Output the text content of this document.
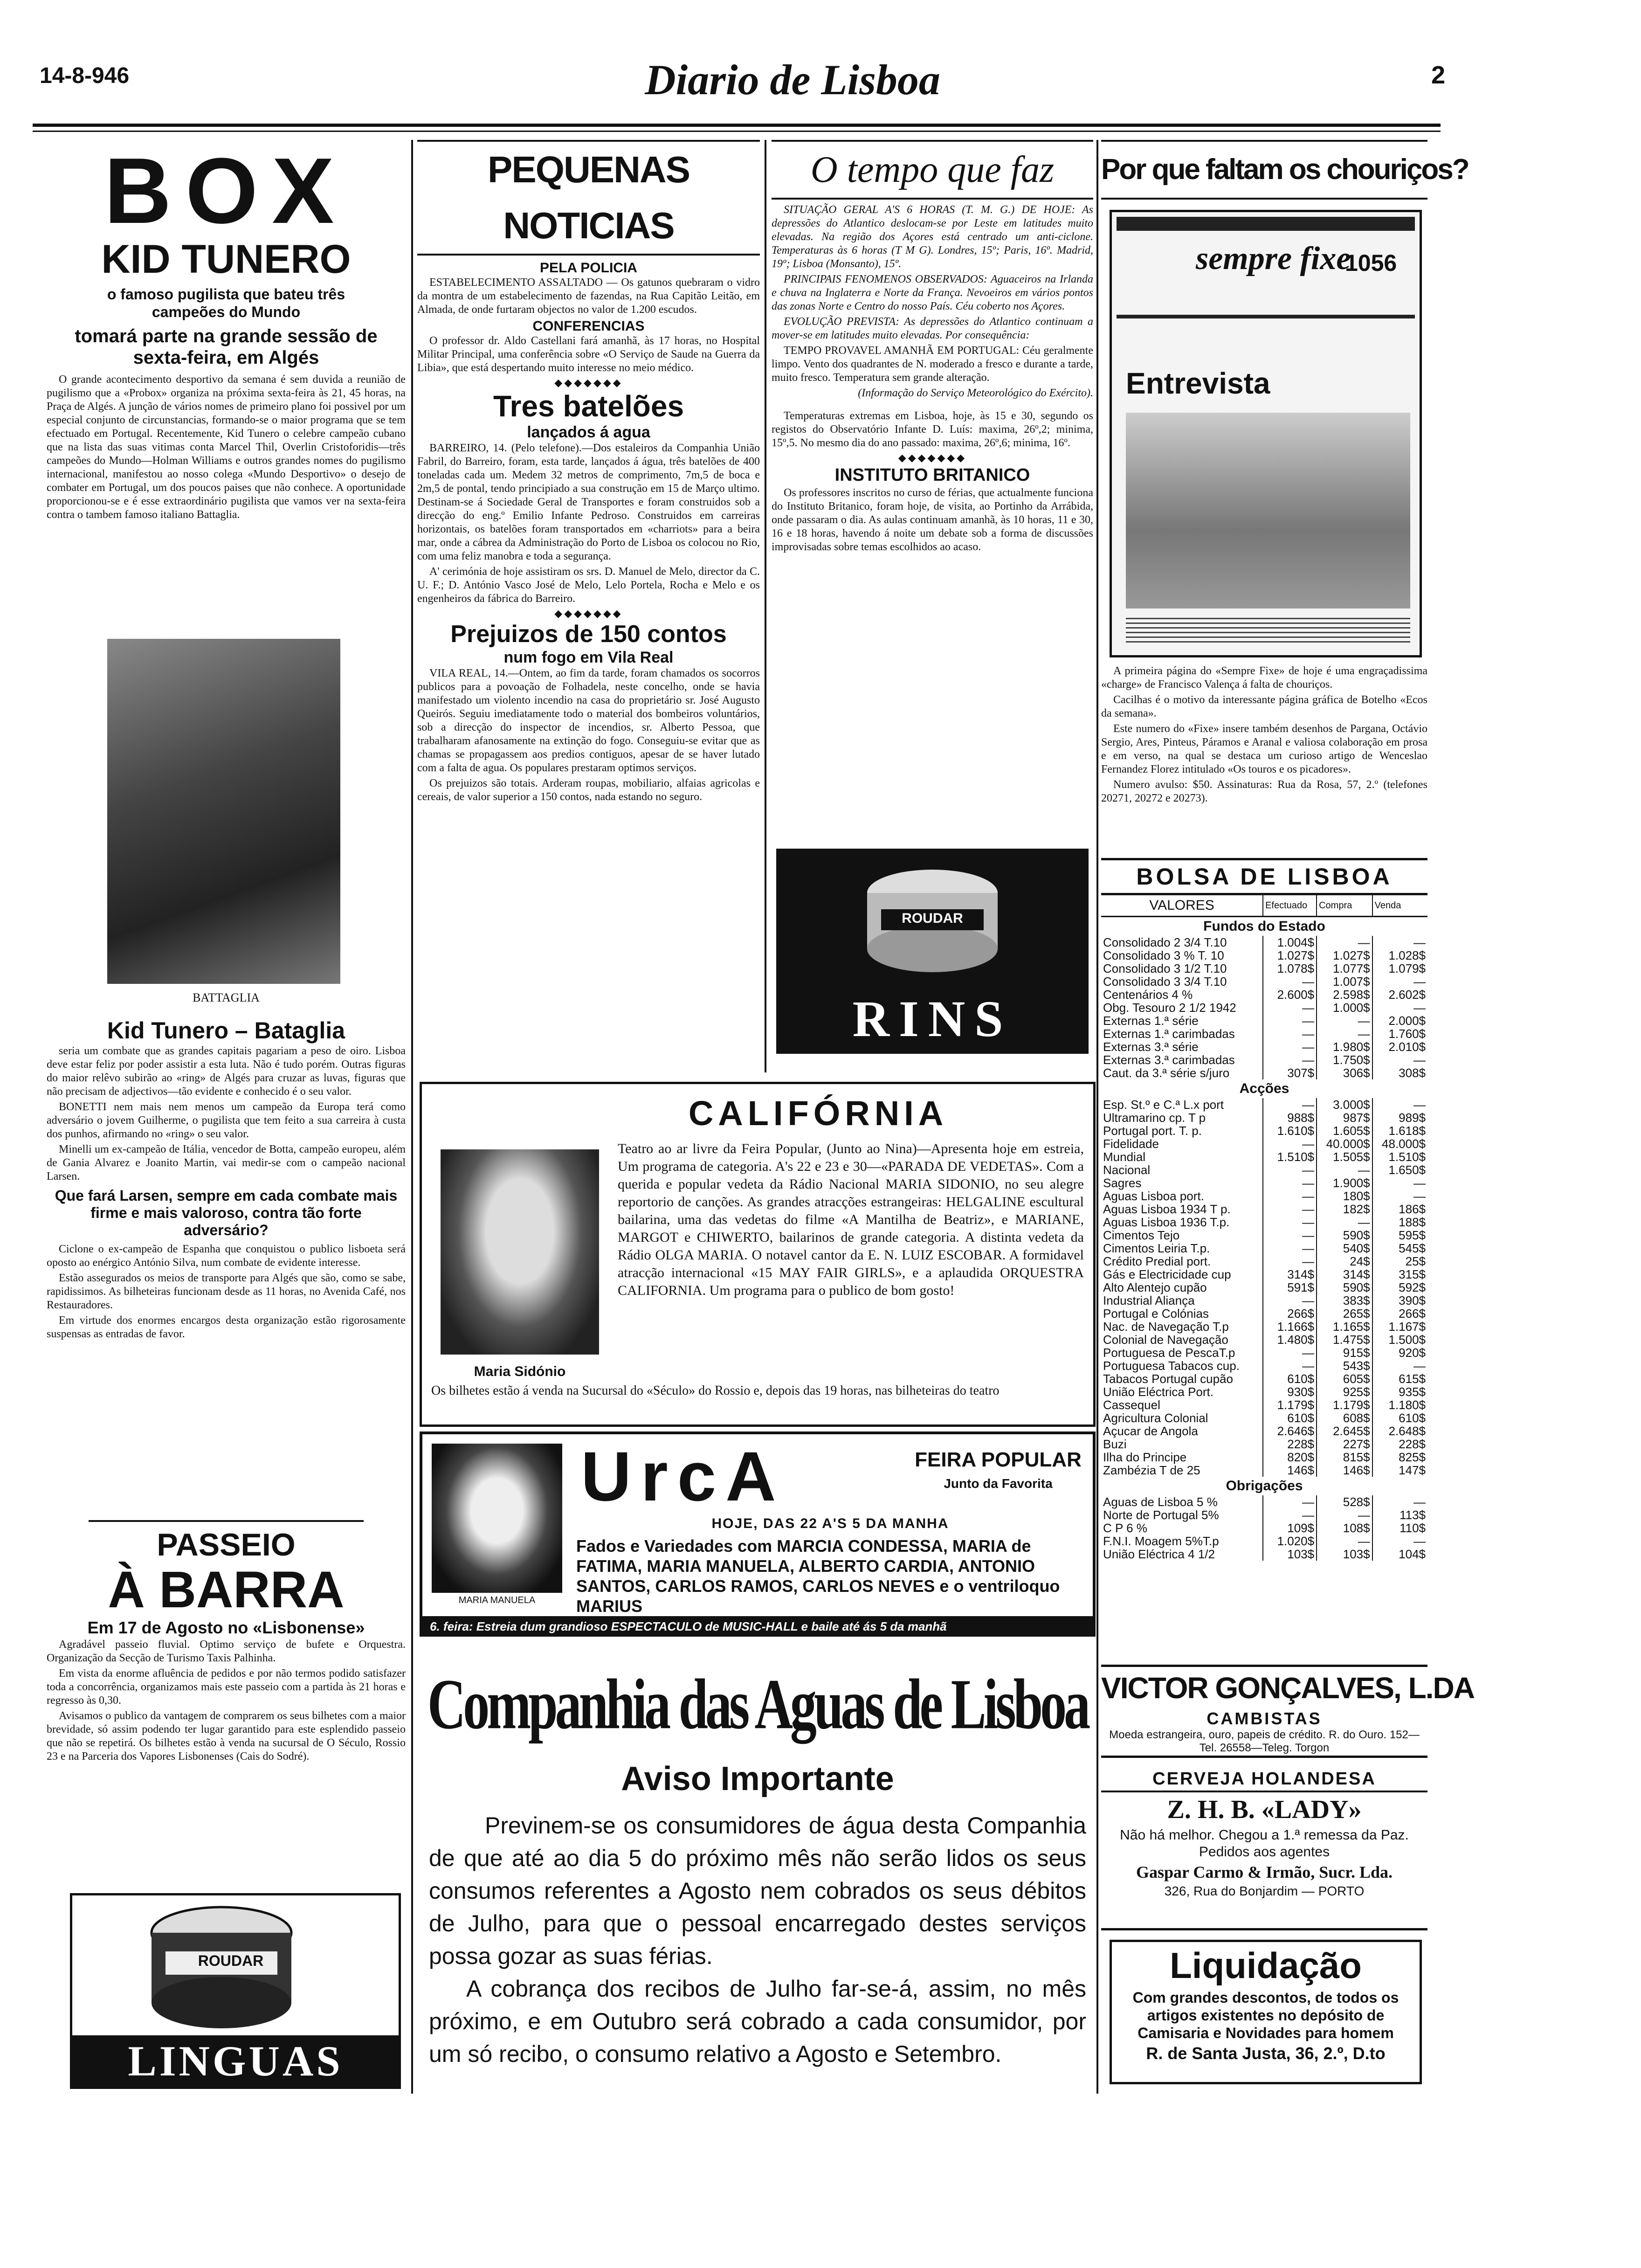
14-8-946	Diario de Lisboa	2
BOX
KID TUNERO
o famoso pugilista que bateu três campeões do Mundo
tomará parte na grande sessão de sexta-feira, em Algés

O grande acontecimento desportivo da semana é sem duvida a reunião de pugilismo que a «Probox» organiza na próxima sexta-feira às 21, 45 horas, na Praça de Algés. A junção de vários nomes de primeiro plano foi possivel por um especial conjunto de circunstancias, formando-se o maior programa que se tem efectuado em Portugal. Recentemente, Kid Tunero o celebre campeão cubano que na lista das suas vitimas conta Marcel Thil, Overlin Cristoforidis—três campeões do Mundo—Holman Williams e outros grandes nomes do pugilismo internacional, manifestou ao nosso colega «Mundo Desportivo» o desejo de combater em Portugal, um dos poucos paises que não conhece. A oportunidade proporcionou-se e é esse extraordinário pugilista que vamos ver na sexta-feira contra o tambem famoso italiano Battaglia.

BATTAGLIA
Kid Tunero – Bataglia

seria um combate que as grandes capitais pagariam a peso de oiro. Lisboa deve estar feliz por poder assistir a esta luta. Não é tudo porém. Outras figuras do maior relêvo subirão ao «ring» de Algés para cruzar as luvas, figuras que não precisam de adjectivos—tão evidente e conhecido é o seu valor.

BONETTI nem mais nem menos um campeão da Europa terá como adversário o jovem Guilherme, o pugilista que tem feito a sua carreira à custa dos punhos, afirmando no «ring» o seu valor.

Minelli um ex-campeão de Itália, vencedor de Botta, campeão europeu, além de Gania Alvarez e Joanito Martin, vai medir-se com o campeão nacional Larsen.

Que fará Larsen, sempre em cada combate mais firme e mais valoroso, contra tão forte adversário?

Ciclone o ex-campeão de Espanha que conquistou o publico lisboeta será oposto ao enérgico António Silva, num combate de evidente interesse.

Estão assegurados os meios de transporte para Algés que são, como se sabe, rapidissimos. As bilheteiras funcionam desde as 11 horas, no Avenida Café, nos Restauradores.

Em virtude dos enormes encargos desta organização estão rigorosamente suspensas as entradas de favor.

PASSEIO
À BARRA
Em 17 de Agosto no «Lisbonense»

Agradável passeio fluvial. Optimo serviço de bufete e Orquestra. Organização da Secção de Turismo Taxis Palhinha.

Em vista da enorme afluência de pedidos e por não termos podido satisfazer toda a concorrência, organizamos mais este passeio com a partida às 21 horas e regresso às 0,30.

Avisamos o publico da vantagem de comprarem os seus bilhetes com a maior brevidade, só assim podendo ter lugar garantido para este esplendido passeio que não se repetirá. Os bilhetes estão à venda na sucursal de O Século, Rossio 23 e na Parceria dos Vapores Lisbonenses (Cais do Sodré).

ROUDAR
LINGUAS
PEQUENAS NOTICIAS
PELA POLICIA

ESTABELECIMENTO ASSALTADO — Os gatunos quebraram o vidro da montra de um estabelecimento de fazendas, na Rua Capitão Leitão, em Almada, de onde furtaram objectos no valor de 1.200 escudos.

CONFERENCIAS

O professor dr. Aldo Castellani fará amanhã, às 17 horas, no Hospital Militar Principal, uma conferência sobre «O Serviço de Saude na Guerra da Libia», que está despertando muito interesse no meio médico.

◆◆◆◆◆◆◆
Tres batelões
lançados á agua

BARREIRO, 14. (Pelo telefone).—Dos estaleiros da Companhia União Fabril, do Barreiro, foram, esta tarde, lançados á água, três batelões de 400 toneladas cada um. Medem 32 metros de comprimento, 7m,5 de boca e 2m,5 de pontal, tendo principiado a sua construção em 15 de Março ultimo. Destinam-se á Sociedade Geral de Transportes e foram construidos sob a direcção do eng.º Emilio Infante Pedroso. Construidos em carreiras horizontais, os batelões foram transportados em «charriots» para a beira mar, onde a cábrea da Administração do Porto de Lisboa os colocou no Rio, com uma feliz manobra e toda a segurança.

A' cerimónia de hoje assistiram os srs. D. Manuel de Melo, director da C. U. F.; D. António Vasco José de Melo, Lelo Portela, Rocha e Melo e os engenheiros da fábrica do Barreiro.

◆◆◆◆◆◆◆
Prejuizos de 150 contos
num fogo em Vila Real

VILA REAL, 14.—Ontem, ao fim da tarde, foram chamados os socorros publicos para a povoação de Folhadela, neste concelho, onde se havia manifestado um violento incendio na casa do proprietário sr. José Augusto Queirós. Seguiu imediatamente todo o material dos bombeiros voluntários, sob a direcção do inspector de incendios, sr. Alberto Pessoa, que trabalharam afanosamente na extinção do fogo. Conseguiu-se evitar que as chamas se propagassem aos predios contiguos, apesar de se haver lutado com a falta de agua. Os populares prestaram optimos serviços.

Os prejuizos são totais. Arderam roupas, mobiliario, alfaias agricolas e cereais, de valor superior a 150 contos, nada estando no seguro.

O tempo que faz

SITUAÇÃO GERAL A'S 6 HORAS (T. M. G.) DE HOJE: As depressões do Atlantico deslocam-se por Leste em latitudes muito elevadas. Na região dos Açores está centrado um anti-ciclone. Temperaturas às 6 horas (T M G). Londres, 15º; Paris, 16º. Madrid, 19º; Lisboa (Monsanto), 15º.

PRINCIPAIS FENOMENOS OBSERVADOS: Aguaceiros na Irlanda e chuva na Inglaterra e Norte da França. Nevoeiros em vários pontos das zonas Norte e Centro do nosso País. Céu coberto nos Açores.

EVOLUÇÃO PREVISTA: As depressões do Atlantico continuam a mover-se em latitudes muito elevadas. Por consequência:

TEMPO PROVAVEL AMANHÃ EM PORTUGAL: Céu geralmente limpo. Vento dos quadrantes de N. moderado a fresco e durante a tarde, muito fresco. Temperatura sem grande alteração.

(Informação do Serviço Meteorológico do Exército).

Temperaturas extremas em Lisboa, hoje, às 15 e 30, segundo os registos do Observatório Infante D. Luís: maxima, 26º,2; minima, 15º,5. No mesmo dia do ano passado: maxima, 26º,6; minima, 16º.

◆◆◆◆◆◆◆
INSTITUTO BRITANICO

Os professores inscritos no curso de férias, que actualmente funciona do Instituto Britanico, foram hoje, de visita, ao Portinho da Arrábida, onde passaram o dia. As aulas continuam amanhã, às 10 horas, 11 e 30, 16 e 18 horas, havendo á noite um debate sob a forma de discussões improvisadas sobre temas escolhidos ao acaso.

ROUDAR
RINS
Por que faltam os chouriços?
sempre fixe
1056
Entrevista

A primeira página do «Sempre Fixe» de hoje é uma engraçadissima «charge» de Francisco Valença á falta de chouriços.

Cacilhas é o motivo da interessante página gráfica de Botelho «Ecos da semana».

Este numero do «Fixe» insere também desenhos de Pargana, Octávio Sergio, Ares, Pinteus, Páramos e Aranal e valiosa colaboração em prosa e em verso, na qual se destaca um curioso artigo de Wenceslao Fernandez Florez intitulado «Os touros e os picadores».

Numero avulso: $50. Assinaturas: Rua da Rosa, 57, 2.º (telefones 20271, 20272 e 20273).

BOLSA DE LISBOA
VALORES	Efectuado	Compra	Venda
Fundos do Estado			
Consolidado 2 3/4 T.10	1.004$	—	—
Consolidado 3 % T. 10	1.027$	1.027$	1.028$
Consolidado 3 1/2 T.10	1.078$	1.077$	1.079$
Consolidado 3 3/4 T.10	—	1.007$	—
Centenários 4 %	2.600$	2.598$	2.602$
Obg. Tesouro 2 1/2 1942	—	1.000$	—
Externas 1.ª série	—	—	2.000$
Externas 1.ª carimbadas	—	—	1.760$
Externas 3.ª série	—	1.980$	2.010$
Externas 3.ª carimbadas	—	1.750$	—
Caut. da 3.ª série s/juro	307$	306$	308$
Acções			
Esp. St.º e C.ª L.x port	—	3.000$	—
Ultramarino cp. T p	988$	987$	989$
Portugal port. T. p.	1.610$	1.605$	1.618$
Fidelidade	—	40.000$	48.000$
Mundial	1.510$	1.505$	1.510$
Nacional	—	—	1.650$
Sagres	—	1.900$	—
Aguas Lisboa port.	—	180$	—
Aguas Lisboa 1934 T p.	—	182$	186$
Aguas Lisboa 1936 T.p.	—	—	188$
Cimentos Tejo	—	590$	595$
Cimentos Leiria T.p.	—	540$	545$
Crédito Predial port.	—	24$	25$
Gás e Electricidade cup	314$	314$	315$
Alto Alentejo cupão	591$	590$	592$
Industrial Aliança	—	383$	390$
Portugal e Colónias	266$	265$	266$
Nac. de Navegação T.p	1.166$	1.165$	1.167$
Colonial de Navegação	1.480$	1.475$	1.500$
Portuguesa de PescaT.p	—	915$	920$
Portuguesa Tabacos cup.	—	543$	—
Tabacos Portugal cupão	610$	605$	615$
União Eléctrica Port.	930$	925$	935$
Cassequel	1.179$	1.179$	1.180$
Agricultura Colonial	610$	608$	610$
Açucar de Angola	2.646$	2.645$	2.648$
Buzi	228$	227$	228$
Ilha do Principe	820$	815$	825$
Zambézia T de 25	146$	146$	147$
Obrigações			
Aguas de Lisboa 5 %	—	528$	—
Norte de Portugal 5%	—	—	113$
C P 6 %	109$	108$	110$
F.N.I. Moagem 5%T.p	1.020$	—	—
União Eléctrica 4 1/2	103$	103$	104$
CALIFÓRNIA
Maria Sidónio
Teatro ao ar livre da Feira Popular, (Junto ao Nina)—Apresenta hoje em estreia, Um programa de categoria. A's 22 e 23 e 30—«PARADA DE VEDETAS». Com a querida e popular vedeta da Rádio Nacional MARIA SIDONIO, no seu alegre reportorio de canções. As grandes atracções estrangeiras: HELGALINE escultural bailarina, uma das vedetas do filme «A Mantilha de Beatriz», e MARIANE, MARGOT e CHIWERTO, bailarinos de grande categoria. A distinta vedeta da Rádio OLGA MARIA. O notavel cantor da E. N. LUIZ ESCOBAR. A formidavel atracção internacional «15 MAY FAIR GIRLS», e a aplaudida ORQUESTRA CALIFORNIA. Um programa para o publico de bom gosto!
Os bilhetes estão á venda na Sucursal do «Século» do Rossio e, depois das 19 horas, nas bilheteiras do teatro
MARIA MANUELA
UrcA	FEIRA POPULAR
Junto da Favorita
HOJE, DAS 22 A'S 5 DA MANHA
Fados e Variedades com MARCIA CONDESSA, MARIA de FATIMA, MARIA MANUELA, ALBERTO CARDIA, ANTONIO SANTOS, CARLOS RAMOS, CARLOS NEVES e o ventriloquo MARIUS
6. feira: Estreia dum grandioso ESPECTACULO de MUSIC-HALL e baile até ás 5 da manhã
Companhia das Aguas de Lisboa
Aviso Importante

Previnem-se os consumidores de água desta Companhia de que até ao dia 5 do próximo mês não serão lidos os seus consumos referentes a Agosto nem cobrados os seus débitos de Julho, para que o pessoal encarregado destes serviços possa gozar as suas férias.

A cobrança dos recibos de Julho far-se-á, assim, no mês próximo, e em Outubro será cobrado a cada consumidor, por um só recibo, o consumo relativo a Agosto e Setembro.

VICTOR GONÇALVES, L.DA
CAMBISTAS
Moeda estrangeira, ouro, papeis de crédito. R. do Ouro. 152—Tel. 26558—Teleg. Torgon
CERVEJA HOLANDESA
Z. H. B. «LADY»
Não há melhor. Chegou a 1.ª remessa da Paz. Pedidos aos agentes
Gaspar Carmo & Irmão, Sucr. Lda.
326, Rua do Bonjardim — PORTO
Liquidação
Com grandes descontos, de todos os artigos existentes no depósito de Camisaria e Novidades para homem
R. de Santa Justa, 36, 2.º, D.to
